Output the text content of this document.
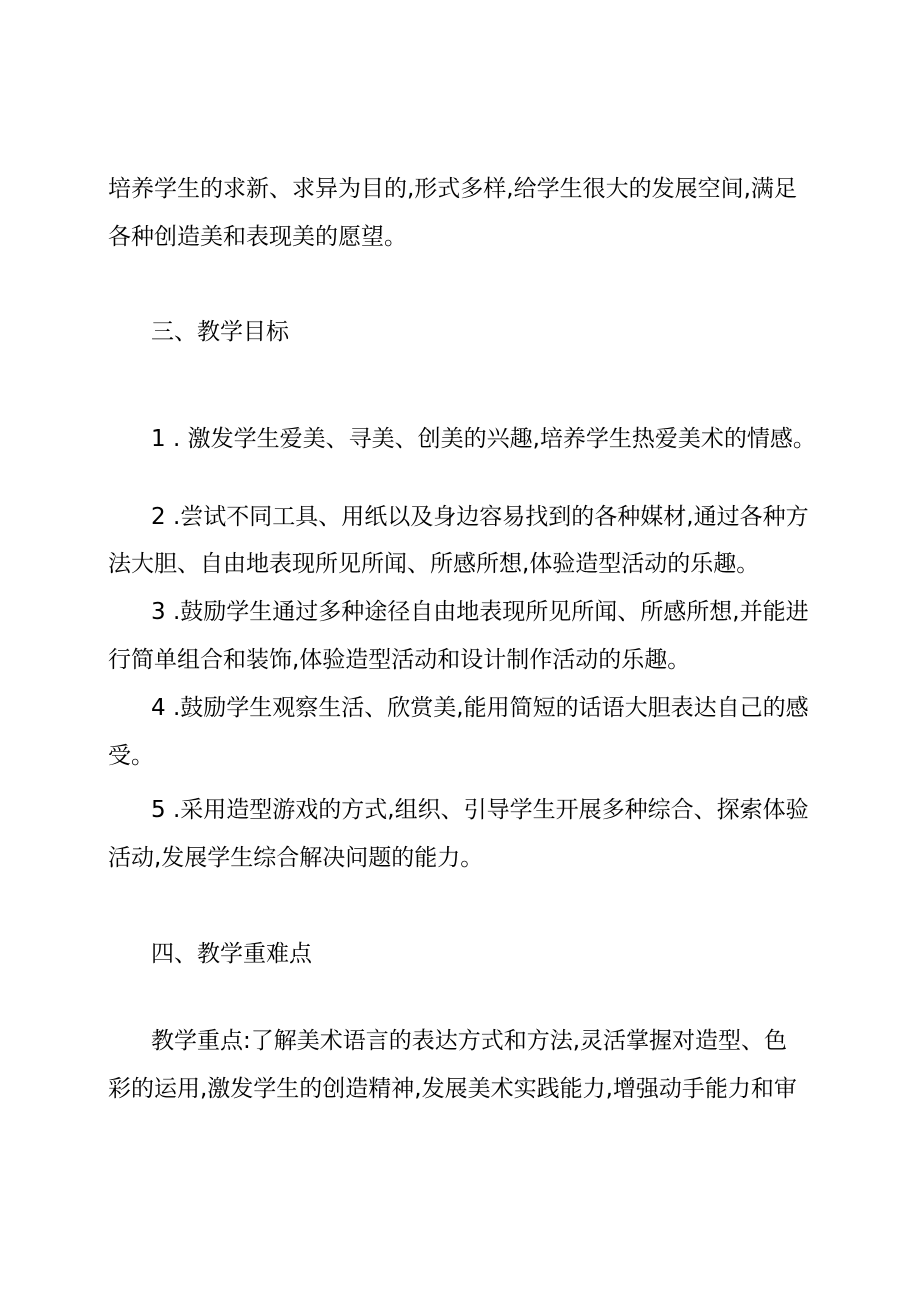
培养学生的求新、求异为目的,形式多样,给学生很大的发展空间,满足
各种创造美和表现美的愿望。
三、教学目标
1 . 激发学生爱美、寻美、创美的兴趣,培养学生热爱美术的情感。
2 .尝试不同工具、用纸以及身边容易找到的各种媒材,通过各种方
法大胆、自由地表现所见所闻、所感所想,体验造型活动的乐趣。
3 .鼓励学生通过多种途径自由地表现所见所闻、所感所想,并能进
行简单组合和装饰,体验造型活动和设计制作活动的乐趣。
4 .鼓励学生观察生活、欣赏美,能用简短的话语大胆表达自己的感
受。
5 .采用造型游戏的方式,组织、引导学生开展多种综合、探索体验
活动,发展学生综合解决问题的能力。
四、教学重难点
教学重点:了解美术语言的表达方式和方法,灵活掌握对造型、色
彩的运用,激发学生的创造精神,发展美术实践能力,增强动手能力和审
